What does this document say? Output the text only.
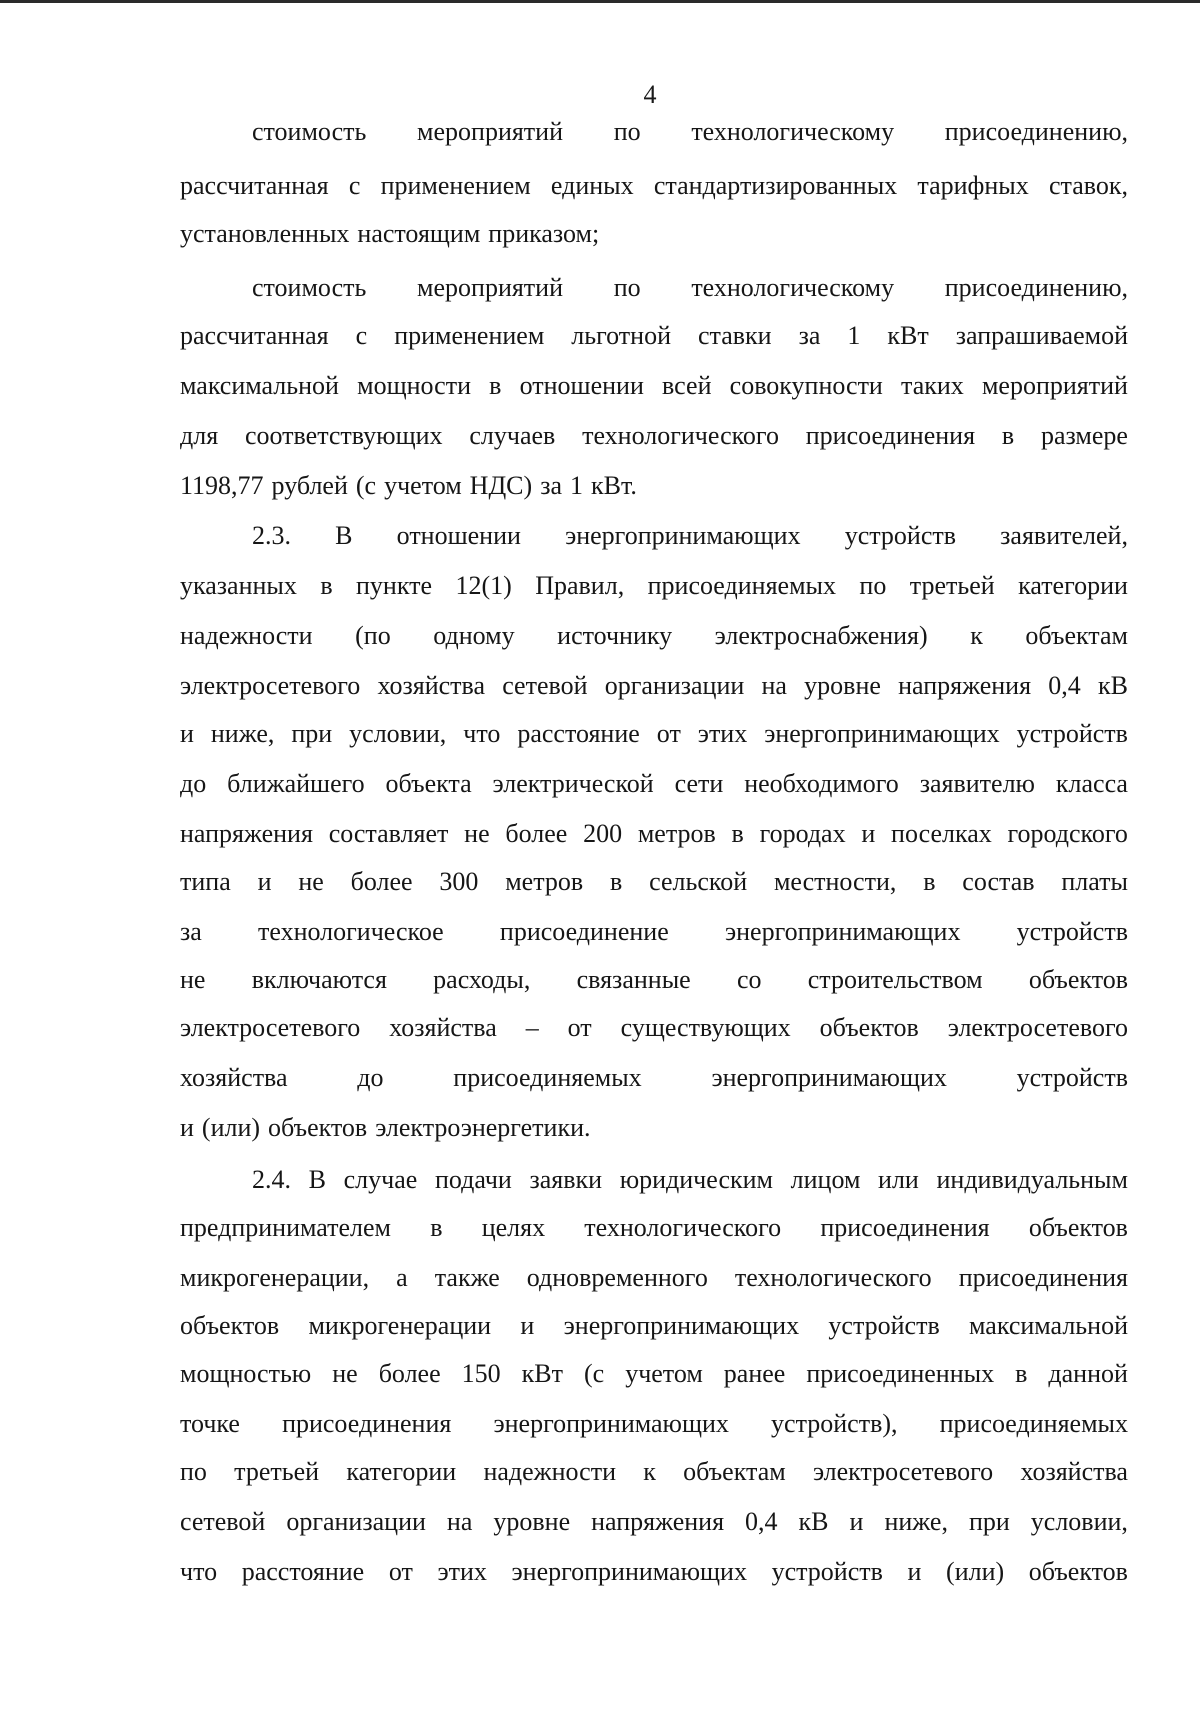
4
стоимость мероприятий по технологическому присоединению,
рассчитанная с применением единых стандартизированных тарифных ставок,
установленных настоящим приказом;
стоимость мероприятий по технологическому присоединению,
рассчитанная с применением льготной ставки за 1 кВт запрашиваемой
максимальной мощности в отношении всей совокупности таких мероприятий
для соответствующих случаев технологического присоединения в размере
1198,77 рублей (с учетом НДС) за 1 кВт.
2.3. В отношении энергопринимающих устройств заявителей,
указанных в пункте 12(1) Правил, присоединяемых по третьей категории
надежности (по одному источнику электроснабжения) к объектам
электросетевого хозяйства сетевой организации на уровне напряжения 0,4 кВ
и ниже, при условии, что расстояние от этих энергопринимающих устройств
до ближайшего объекта электрической сети необходимого заявителю класса
напряжения составляет не более 200 метров в городах и поселках городского
типа и не более 300 метров в сельской местности, в состав платы
за технологическое присоединение энергопринимающих устройств
не включаются расходы, связанные со строительством объектов
электросетевого хозяйства – от существующих объектов электросетевого
хозяйства	до	присоединяемых	энергопринимающих	устройств
и (или) объектов электроэнергетики.
2.4. В случае подачи заявки юридическим лицом или индивидуальным
предпринимателем в целях технологического присоединения объектов
микрогенерации, а также одновременного технологического присоединения
объектов микрогенерации и энергопринимающих устройств максимальной
мощностью не более 150 кВт (с учетом ранее присоединенных в данной
точке присоединения энергопринимающих устройств), присоединяемых
по третьей категории надежности к объектам электросетевого хозяйства
сетевой организации на уровне напряжения 0,4 кВ и ниже, при условии,
что расстояние от этих энергопринимающих устройств и (или) объектов
